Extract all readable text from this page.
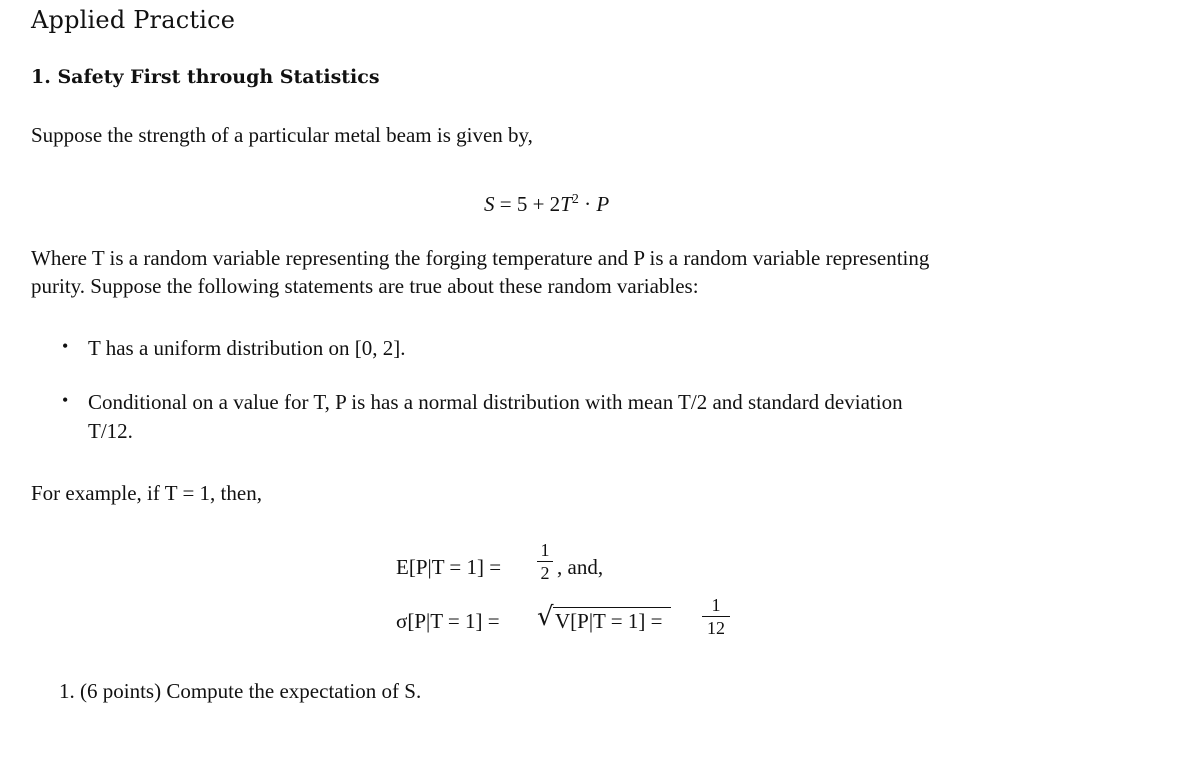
Applied Practice
1. Safety First through Statistics
Suppose the strength of a particular metal beam is given by,
$S = 5 + 2T^2 \cdot P$
Where T is a random variable representing the forging temperature and P is a random variable representing
purity. Suppose the following statements are true about these random variables:
• T has a uniform distribution on [0, 2].
• Conditional on a value for T, P is has a normal distribution with mean T/2 and standard deviation
T/12.
For example, if T = 1, then,
E[P|T = 1] =
1
2 , and,
σ[P|T = 1] = √ V[P|T = 1] =
1
12
1. (6 points) Compute the expectation of S.
